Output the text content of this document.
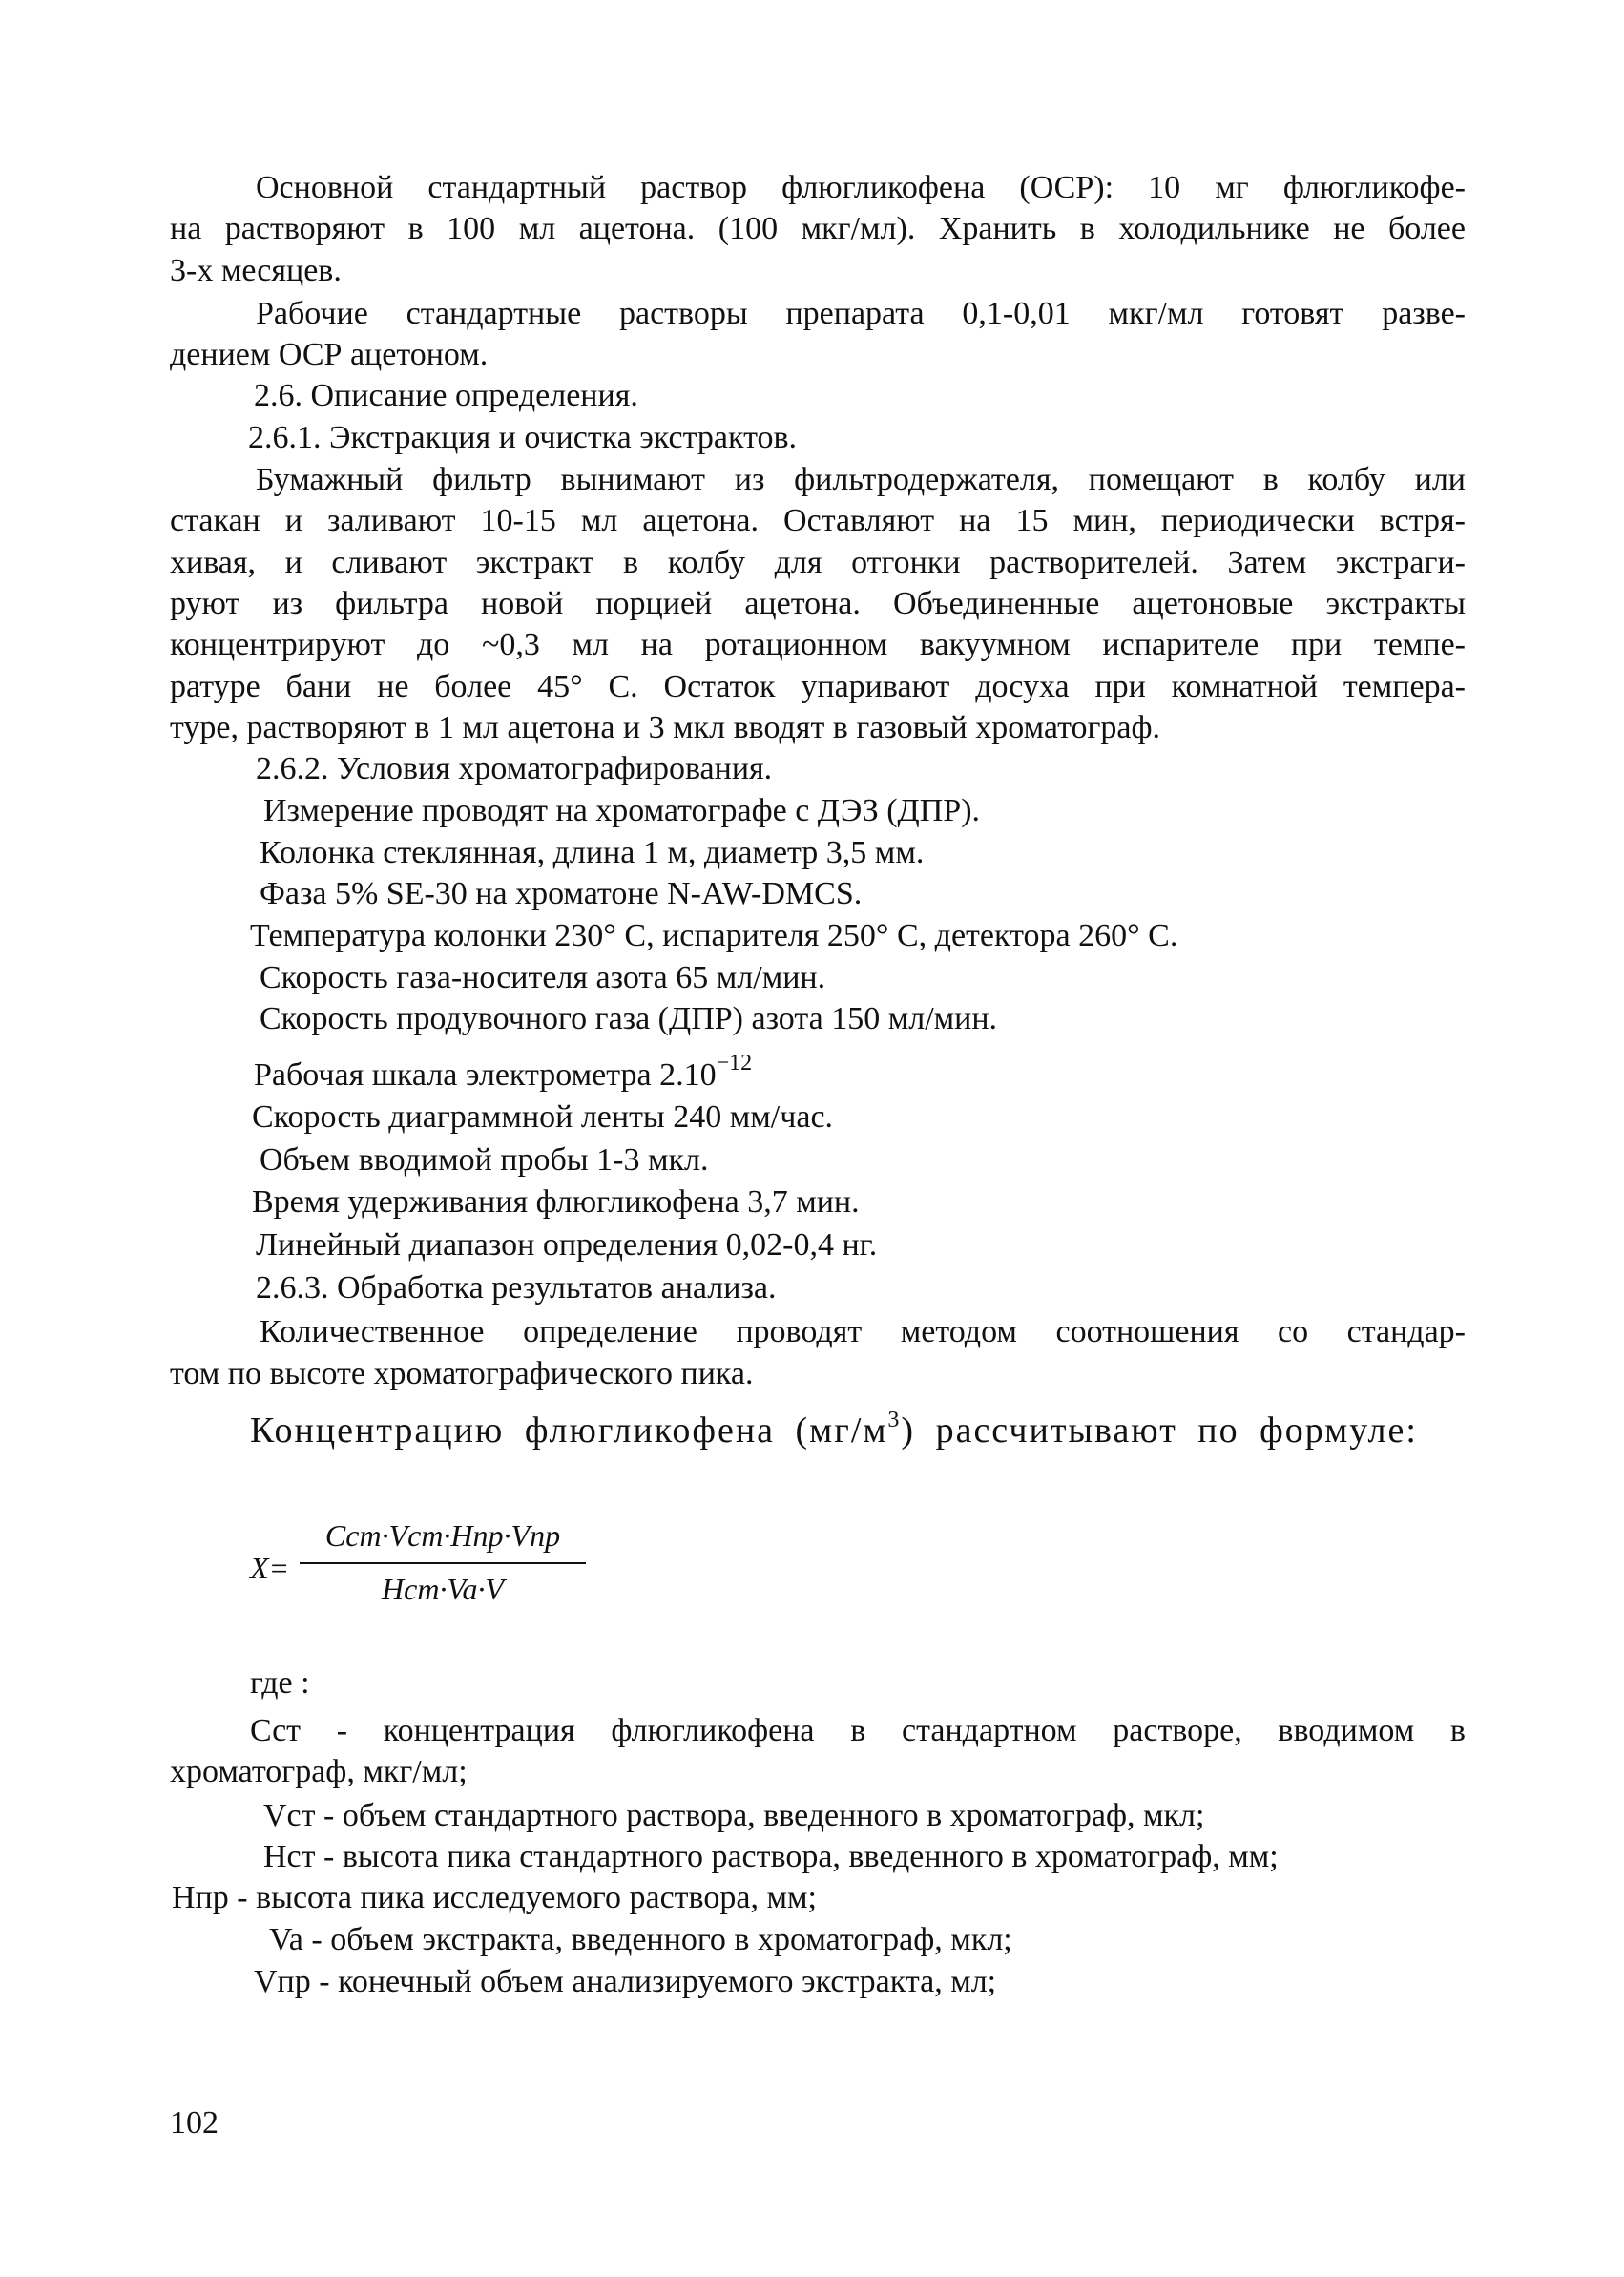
Основной стандартный раствор флюгликофена (ОСР): 10 мг флюгликофе-
на растворяют в 100 мл ацетона. (100 мкг/мл). Хранить в холодильнике не более
3-х месяцев.
Рабочие стандартные растворы препарата 0,1-0,01 мкг/мл готовят разве-
дением ОСР ацетоном.
2.6. Описание определения.
2.6.1. Экстракция и очистка экстрактов.
Бумажный фильтр вынимают из фильтродержателя, помещают в колбу или
стакан и заливают 10-15 мл ацетона. Оставляют на 15 мин, периодически встря-
хивая, и сливают экстракт в колбу для отгонки растворителей. Затем экстраги-
руют из фильтра новой порцией ацетона. Объединенные ацетоновые экстракты
концентрируют до ~0,3 мл на ротационном вакуумном испарителе при темпе-
ратуре бани не более 45° С. Остаток упаривают досуха при комнатной темпера-
туре, растворяют в 1 мл ацетона и 3 мкл вводят в газовый хроматограф.
2.6.2. Условия хроматографирования.
Измерение проводят на хроматографе с ДЭЗ (ДПР).
Колонка стеклянная, длина 1 м, диаметр 3,5 мм.
Фаза 5% SE-30 на хроматоне N-AW-DMCS.
Температура колонки 230° С, испарителя 250° С, детектора 260° С.
Скорость газа-носителя азота 65 мл/мин.
Скорость продувочного газа (ДПР) азота 150 мл/мин.
Рабочая шкала электрометра $2.10^{-12}$
Скорость диаграммной ленты 240 мм/час.
Объем вводимой пробы 1-3 мкл.
Время удерживания флюгликофена 3,7 мин.
Линейный диапазон определения 0,02-0,4 нг.
2.6.3. Обработка результатов анализа.
Количественное определение проводят методом соотношения со стандар-
том по высоте хроматографического пика.
Концентрацию флюгликофена $(мг/м^3)$ рассчитывают по формуле:
X=
Cст·Vст·Hпр·Vпр
Hст·Va·V
где :
Сст - концентрация флюгликофена в стандартном растворе, вводимом в
хроматограф, мкг/мл;
Vст - объем стандартного раствора, введенного в хроматограф, мкл;
Нст - высота пика стандартного раствора, введенного в хроматограф, мм;
Нпр - высота пика исследуемого раствора, мм;
Va - объем экстракта, введенного в хроматограф, мкл;
Vпр - конечный объем анализируемого экстракта, мл;
102
